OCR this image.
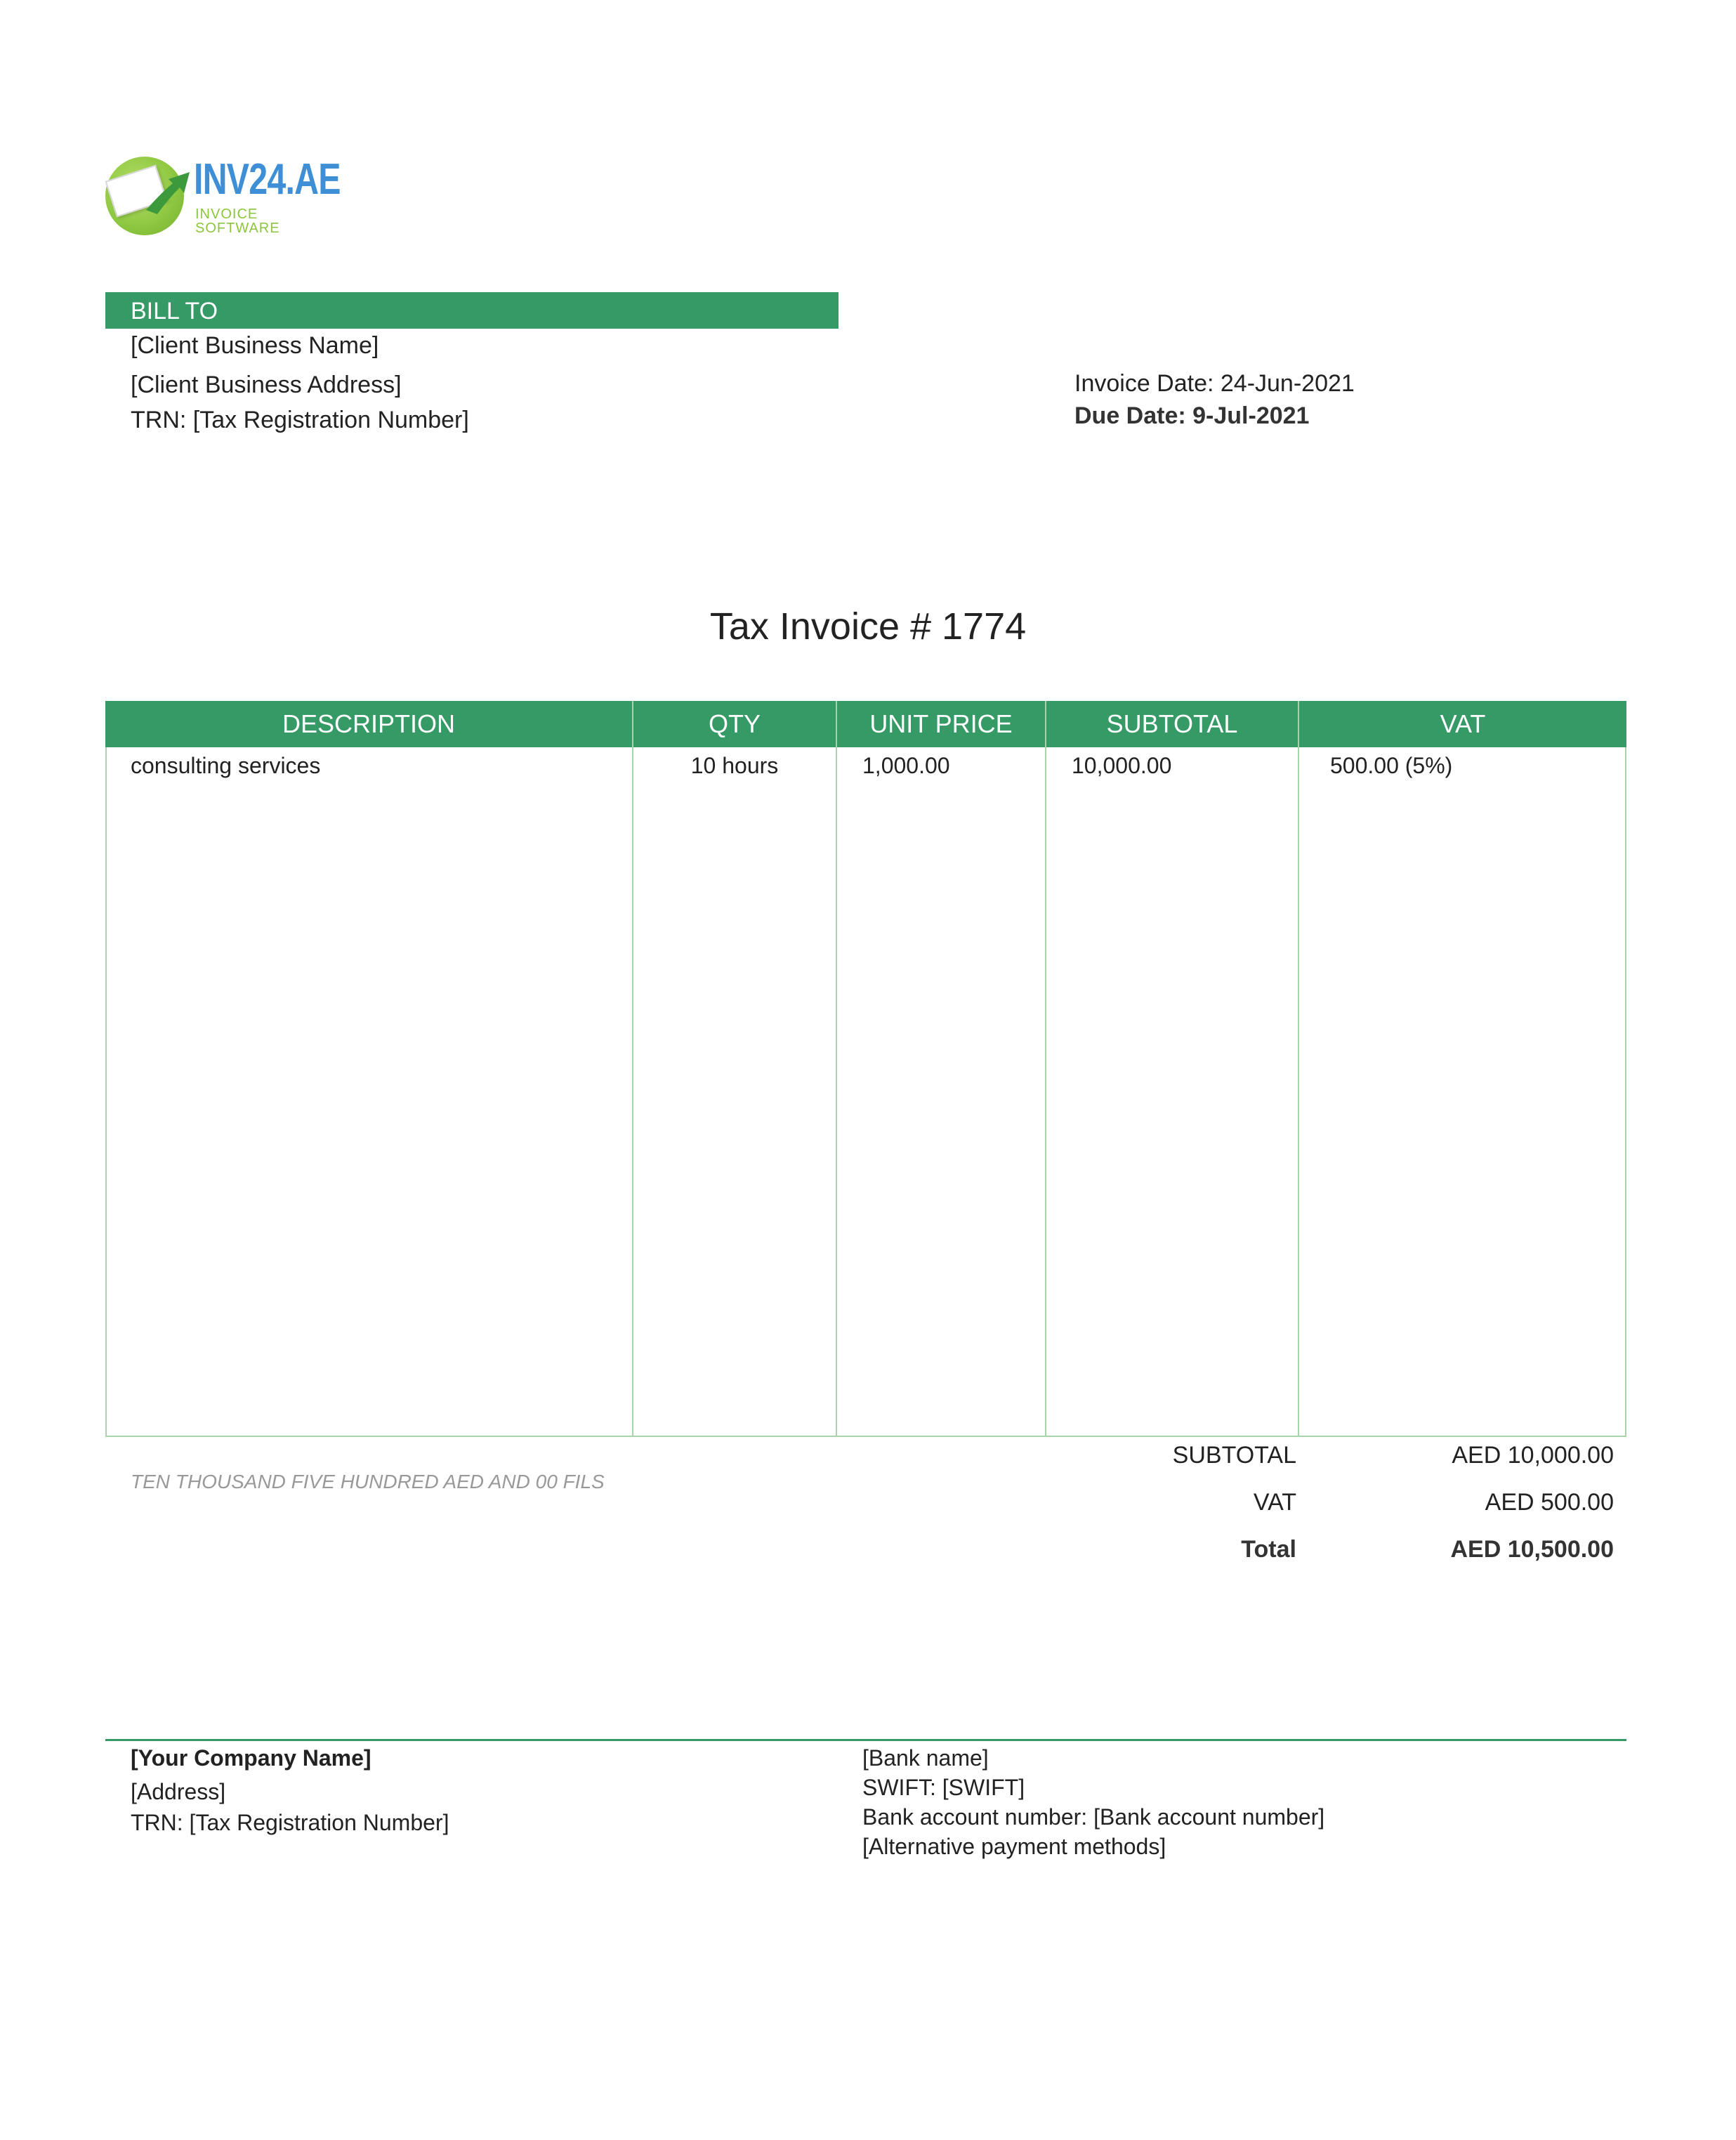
INV24.AE
INVOICE SOFTWARE
BILL TO
[Client Business Name]
[Client Business Address]
TRN: [Tax Registration Number]
Invoice Date: 24-Jun-2021
Due Date: 9-Jul-2021
Tax Invoice # 1774
DESCRIPTION	QTY	UNIT PRICE	SUBTOTAL	VAT
consulting services	10 hours	1,000.00	10,000.00	500.00 (5%)
TEN THOUSAND FIVE HUNDRED AED AND 00 FILS
SUBTOTAL	AED 10,000.00
VAT	AED 500.00
Total	AED 10,500.00
[Your Company Name]
[Address]
TRN: [Tax Registration Number]
[Bank name]
SWIFT: [SWIFT]
Bank account number: [Bank account number]
[Alternative payment methods]
